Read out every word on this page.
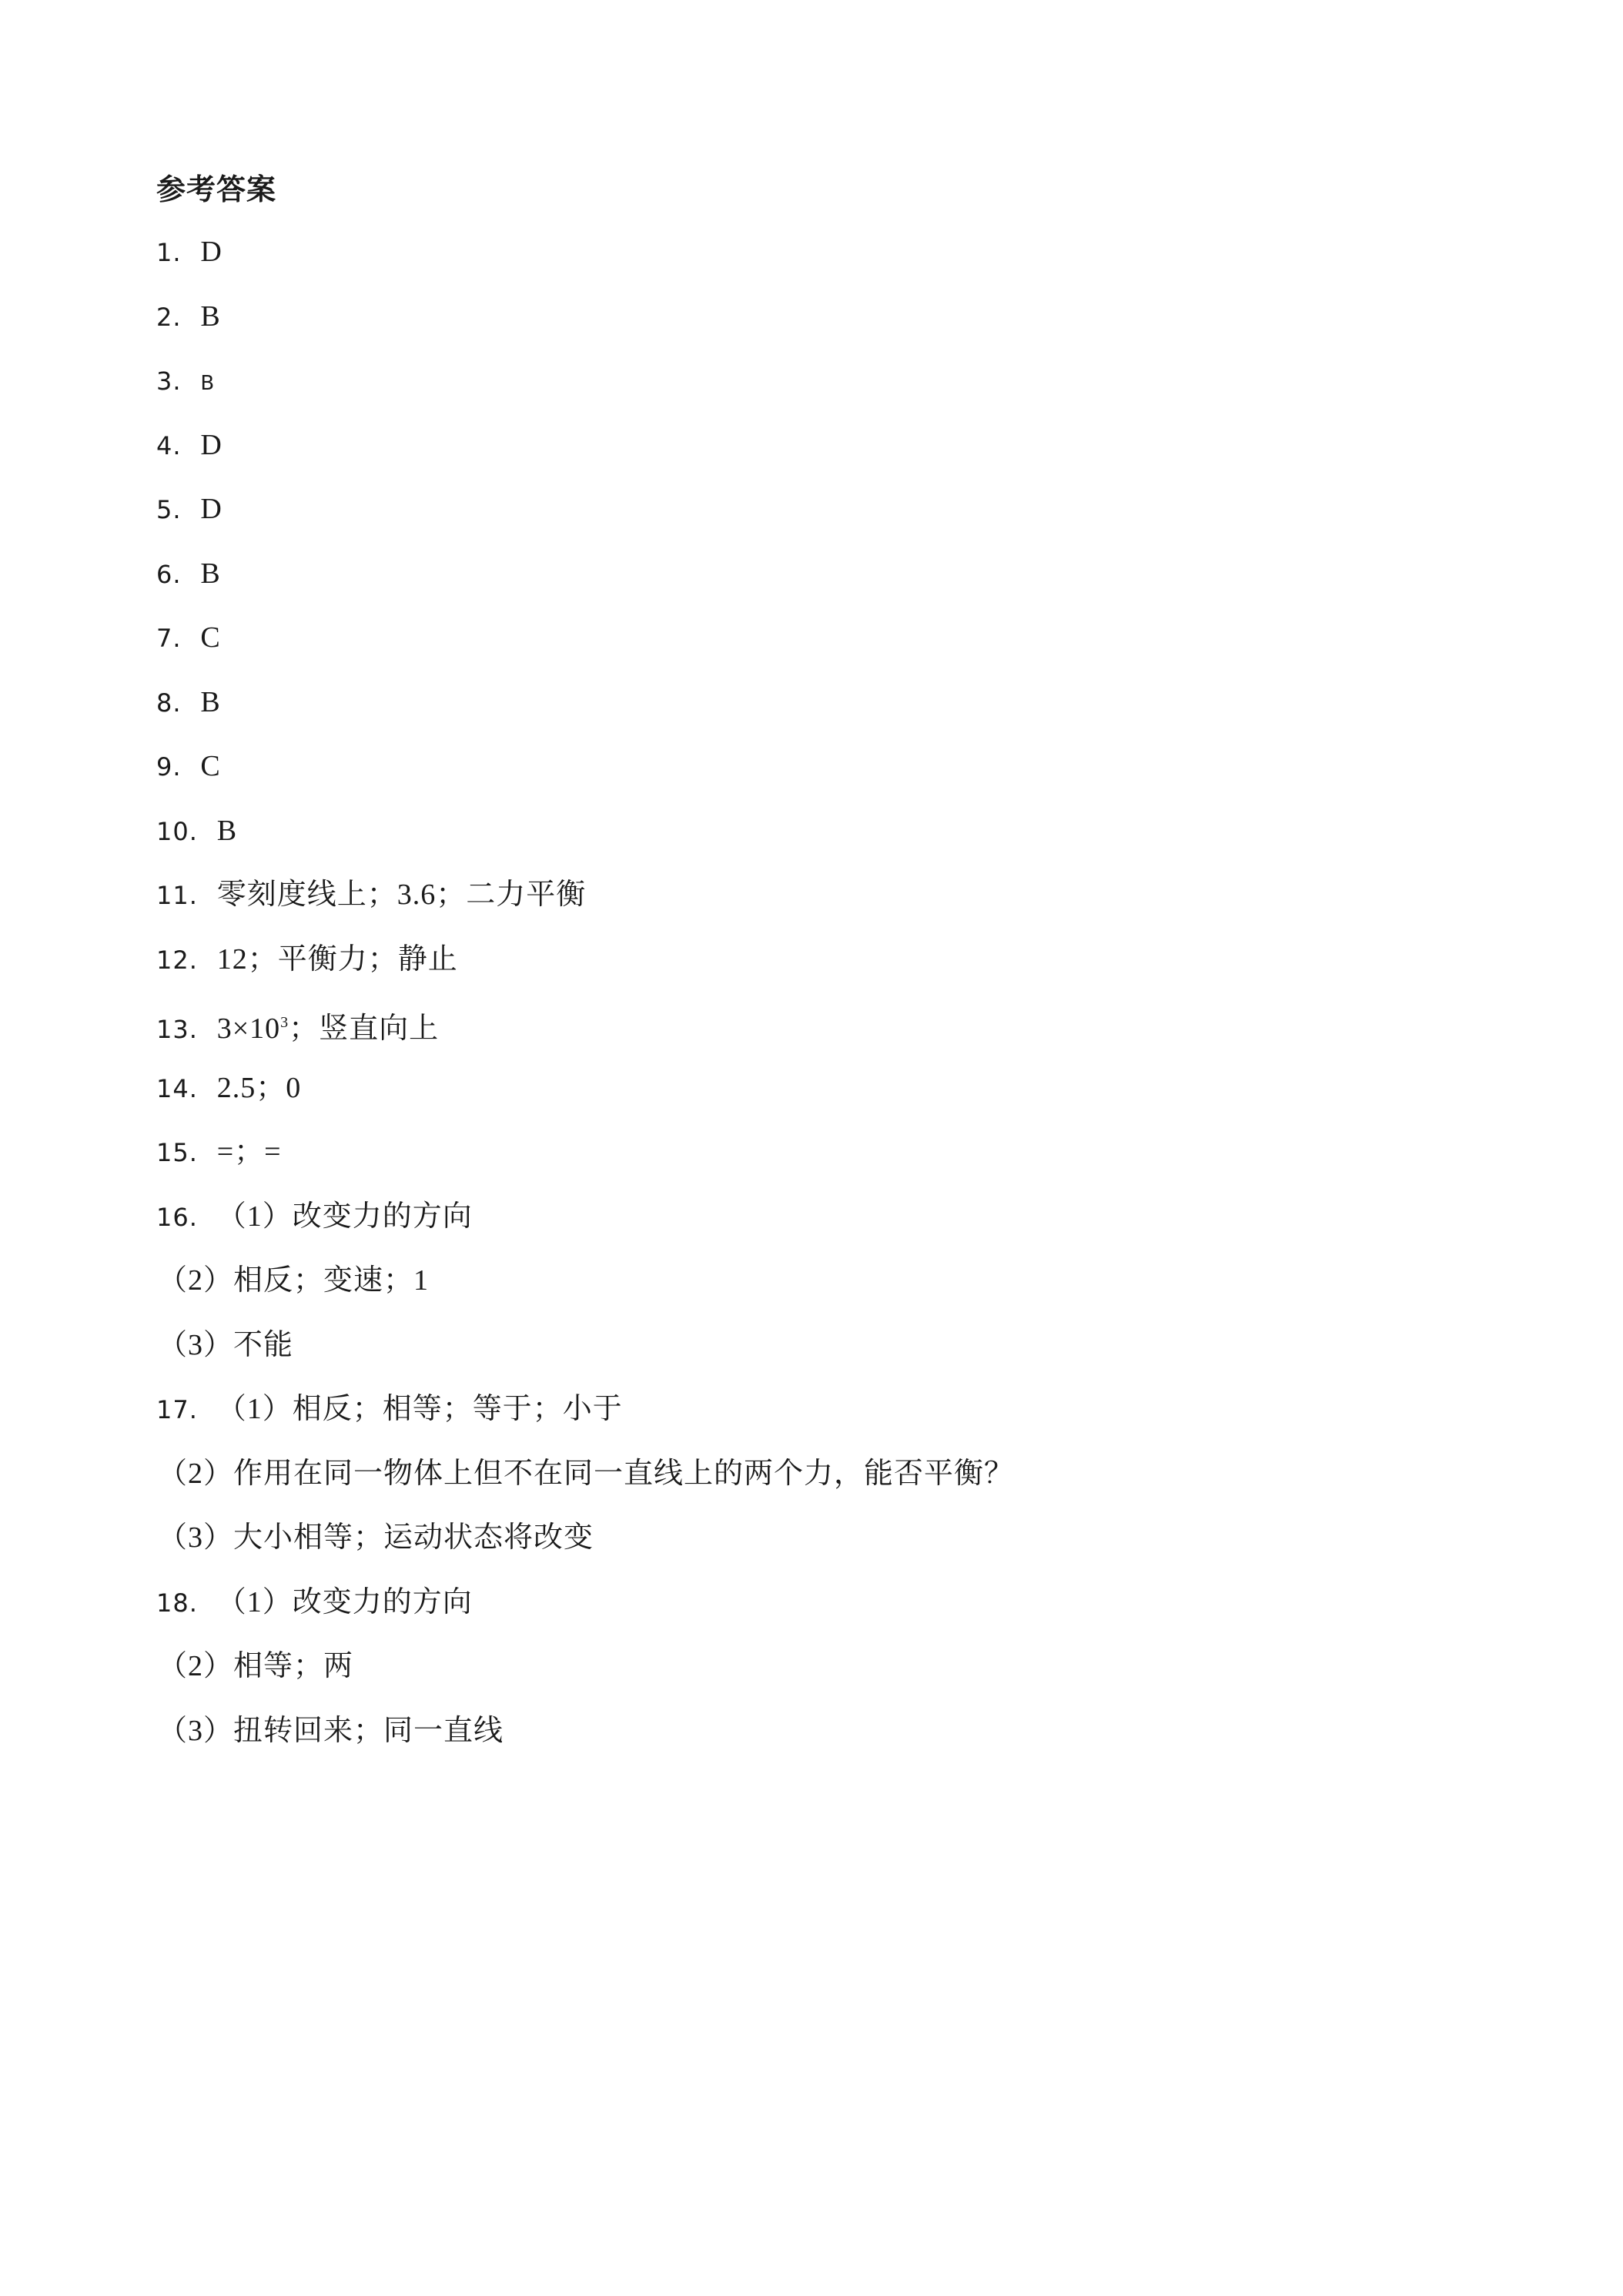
参考答案
1. D
2. B
3. B
4. D
5. D
6. B
7. C
8. B
9. C
10. B
11. 零刻度线上；3.6；二力平衡
12. 12；平衡力；静止
13. $3\times 10^3$；竖直向上
14. 2.5；0
15. =；=
16. （1）改变力的方向
（2）相反；变速；1
（3）不能
17. （1）相反；相等；等于；小于
（2）作用在同一物体上但不在同一直线上的两个力，能否平衡？
（3）大小相等；运动状态将改变
18. （1）改变力的方向
（2）相等；两
（3）扭转回来；同一直线
